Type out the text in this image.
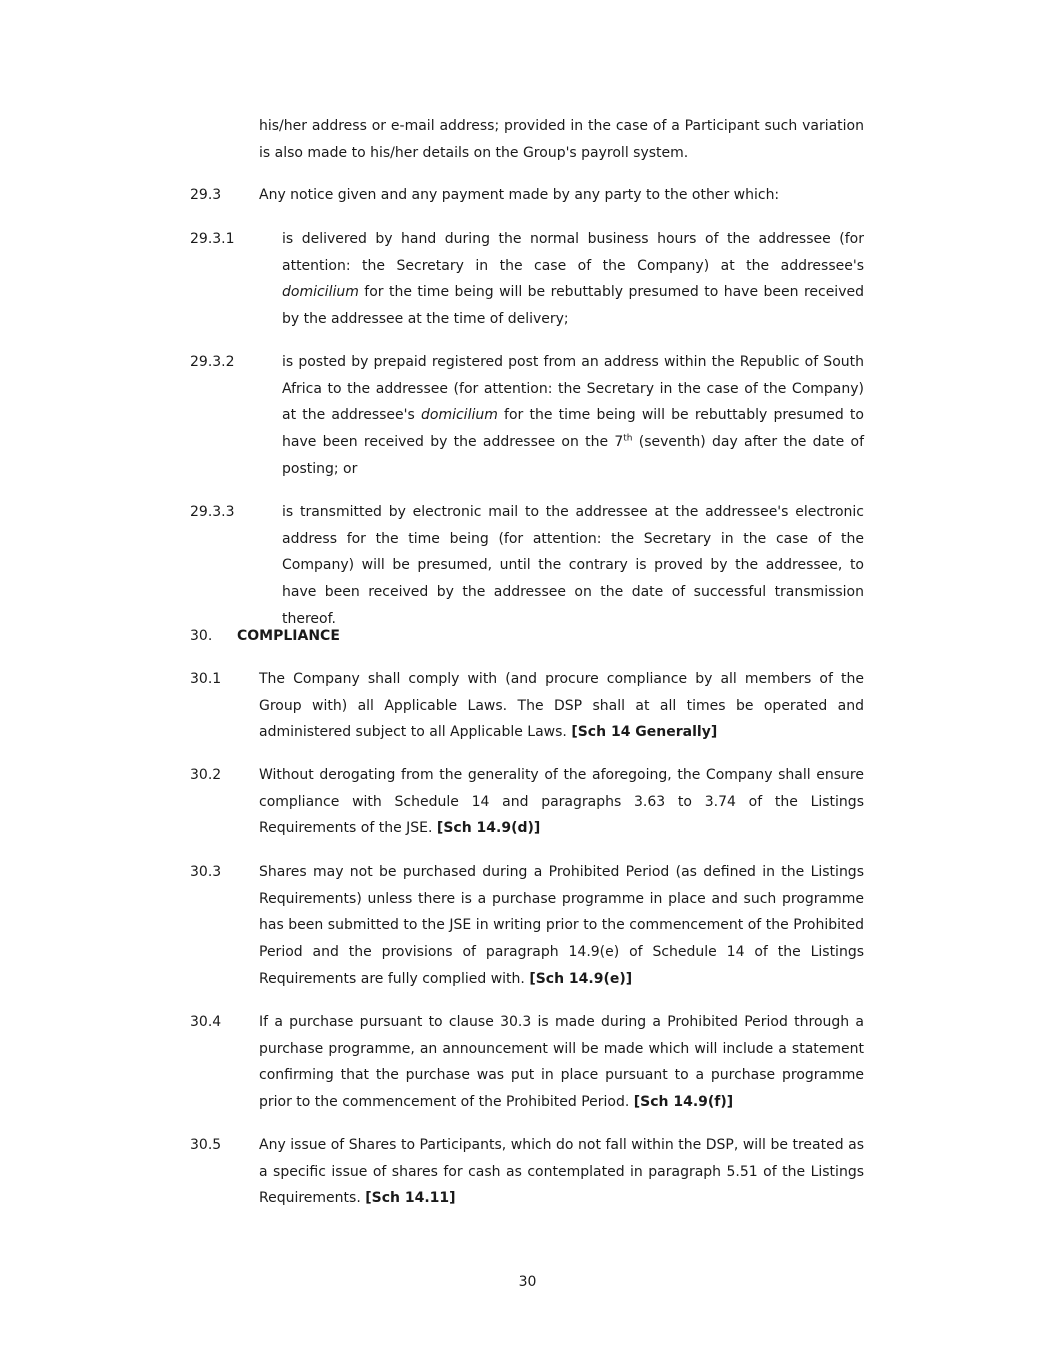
his/her address or e-mail address; provided in the case of a Participant such variation is also made to his/her details on the Group's payroll system.

29.3	Any notice given and any payment made by any party to the other which:

29.3.1	is delivered by hand during the normal business hours of the addressee (for attention: the Secretary in the case of the Company) at the addressee's domicilium for the time being will be rebuttably presumed to have been received by the addressee at the time of delivery;

29.3.2	is posted by prepaid registered post from an address within the Republic of South Africa to the addressee (for attention: the Secretary in the case of the Company) at the addressee's domicilium for the time being will be rebuttably presumed to have been received by the addressee on the 7th (seventh) day after the date of posting; or

29.3.3	is transmitted by electronic mail to the addressee at the addressee's electronic address for the time being (for attention: the Secretary in the case of the Company) will be presumed, until the contrary is proved by the addressee, to have been received by the addressee on the date of successful transmission thereof.

30. COMPLIANCE

30.1	The Company shall comply with (and procure compliance by all members of the Group with) all Applicable Laws. The DSP shall at all times be operated and administered subject to all Applicable Laws. [Sch 14 Generally]

30.2	Without derogating from the generality of the aforegoing, the Company shall ensure compliance with Schedule 14 and paragraphs 3.63 to 3.74 of the Listings Requirements of the JSE. [Sch 14.9(d)]

30.3	Shares may not be purchased during a Prohibited Period (as defined in the Listings Requirements) unless there is a purchase programme in place and such programme has been submitted to the JSE in writing prior to the commencement of the Prohibited Period and the provisions of paragraph 14.9(e) of Schedule 14 of the Listings Requirements are fully complied with. [Sch 14.9(e)]

30.4	If a purchase pursuant to clause 30.3 is made during a Prohibited Period through a purchase programme, an announcement will be made which will include a statement confirming that the purchase was put in place pursuant to a purchase programme prior to the commencement of the Prohibited Period. [Sch 14.9(f)]

30.5	Any issue of Shares to Participants, which do not fall within the DSP, will be treated as a specific issue of shares for cash as contemplated in paragraph 5.51 of the Listings Requirements. [Sch 14.11]

30
